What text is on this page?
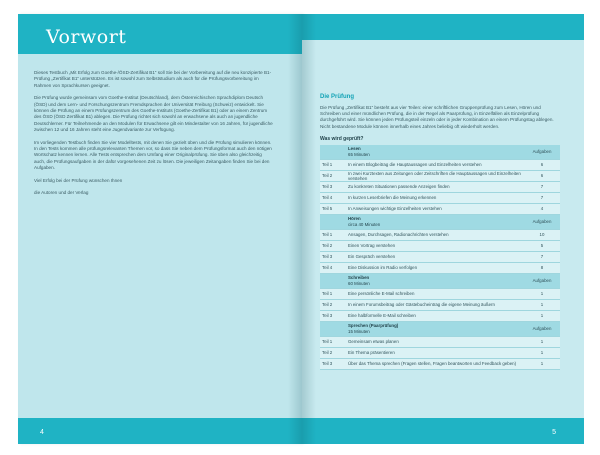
Vorwort

Dieses Testbuch „Mit Erfolg zum Goethe-/ÖSD-Zertifikat B1“ soll Sie bei der Vorbereitung auf die neu konzipierte B1-Prüfung „Zertifikat B1“ unterstützen. Es ist sowohl zum Selbststudium als auch für die Prüfungsvorbereitung im Rahmen von Sprachkursen geeignet.

Die Prüfung wurde gemeinsam vom Goethe-Institut (Deutschland), dem Österreichischen Sprachdiplom Deutsch (ÖSD) und dem Lern- und Forschungszentrum Fremdsprachen der Universität Freiburg (Schweiz) entwickelt. Sie können die Prüfung an einem Prüfungszentrum des Goethe-Instituts (Goethe-Zertifikat B1) oder an einem Zentrum des ÖSD (ÖSD Zertifikat B1) ablegen. Die Prüfung richtet sich sowohl an erwachsene als auch an jugendliche Deutschlerner. Für Teilnehmende an den Modulen für Erwachsene gilt ein Mindestalter von 16 Jahren, für jugendliche zwischen 12 und 16 Jahren steht eine Jugendvariante zur Verfügung.

Im vorliegenden Testbuch finden Sie vier Modelltests, mit denen Sie gezielt üben und die Prüfung simulieren können. In den Tests kommen alle prüfungsrelevanten Themen vor, so dass Sie neben dem Prüfungsformat auch den nötigen Wortschatz kennen lernen. Alle Tests entsprechen dem Umfang einer Originalprüfung. Sie üben also gleichzeitig auch, die Prüfungsaufgaben in der dafür vorgesehenen Zeit zu lösen. Die jeweiligen Zeitangaben finden Sie bei den Aufgaben.

Viel Erfolg bei der Prüfung wünschen Ihnen

die Autoren und der Verlag

4
Die Prüfung

Die Prüfung „Zertifikat B1“ besteht aus vier Teilen: einer schriftlichen Gruppenprüfung zum Lesen, Hören und Schreiben und einer mündlichen Prüfung, die in der Regel als Paarprüfung, in Einzelfällen als Einzelprüfung durchgeführt wird. Sie können jeden Prüfungsteil einzeln oder in jeder Kombination an einem Prüfungstag ablegen. Nicht bestandene Module können innerhalb eines Jahres beliebig oft wiederholt werden.

Was wird geprüft?

	Lesen
65 Minuten	Aufgaben
Teil 1	In einem Blogbeitrag die Hauptaussagen und Einzelheiten verstehen	6
Teil 2	In zwei Kurztexten aus Zeitungen oder Zeitschriften die Hauptaussagen und Einzelheiten verstehen	6
Teil 3	Zu konkreten Situationen passende Anzeigen finden	7
Teil 4	In kurzen Leserbriefen die Meinung erkennen	7
Teil 5	In Anweisungen wichtige Einzelheiten verstehen	4
	Hören
circa 40 Minuten	Aufgaben
Teil 1	Ansagen, Durchsagen, Radionachrichten verstehen	10
Teil 2	Einen Vortrag verstehen	5
Teil 3	Ein Gespräch verstehen	7
Teil 4	Eine Diskussion im Radio verfolgen	8
	Schreiben
60 Minuten	Aufgaben
Teil 1	Eine persönliche E-Mail schreiben	1
Teil 2	In einem Forumsbeitrag oder Gästebucheintrag die eigene Meinung äußern	1
Teil 3	Eine halbformelle E-Mail schreiben	1
	Sprechen (Paarprüfung)
15 Minuten	Aufgaben
Teil 1	Gemeinsam etwas planen	1
Teil 2	Ein Thema präsentieren	1
Teil 3	Über das Thema sprechen (Fragen stellen, Fragen beantworten und Feedback geben)	1
5
